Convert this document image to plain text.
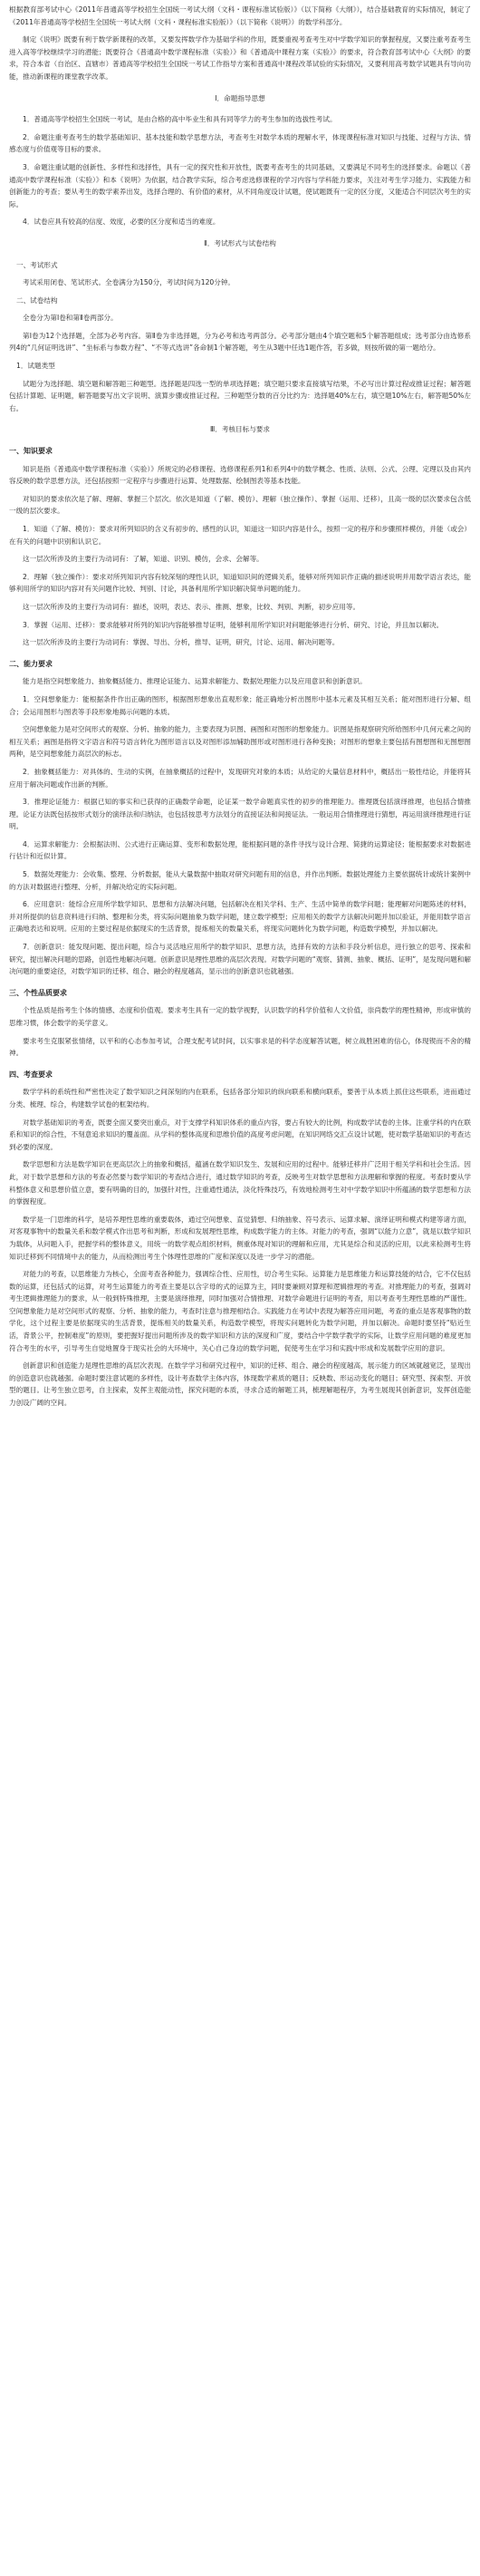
根据教育部考试中心《2011年普通高等学校招生全国统一考试大纲（文科・课程标准试验版）》（以下简称《大纲》），结合基础教育的实际情况，制定了《2011年普通高等学校招生全国统一考试大纲（文科・课程标准实验版）》（以下简称《说明》）的数学科部分。

制定《说明》既要有利于数学新课程的改革，又要发挥数学作为基础学科的作用，既要重视考查考生对中学数学知识的掌握程度，又要注重考查考生进入高等学校继续学习的潜能；既要符合《普通高中数学课程标准（实验）》和《普通高中课程方案（实验）》的要求，符合教育部考试中心《大纲》的要求，符合本省（自治区、直辖市）普通高等学校招生全国统一考试工作指导方案和普通高中课程改革试验的实际情况，又要利用高考数学试题具有导向功能，推动新课程的课堂教学改革。

Ⅰ．命题指导思想

1．普通高等学校招生全国统一考试，是由合格的高中毕业生和具有同等学力的考生参加的选拔性考试。

2．命题注重考查考生的数学基础知识、基本技能和数学思想方法，考查考生对数学本质的理解水平，体现课程标准对知识与技能、过程与方法、情感态度与价值观等目标的要求。

3．命题注重试题的创新性、多样性和选择性，具有一定的探究性和开放性，既要考查考生的共同基础，又要满足不同考生的选择要求。命题以《普通高中数学课程标准（实验）》和本《说明》为依据，结合教学实际，综合考虑选修课程的学习内容与学科能力要求，关注对考生学习能力、实践能力和创新能力的考查；要从考生的数学素养出发，选择合理的、有价值的素材，从不同角度设计试题，使试题既有一定的区分度，又能适合不同层次考生的实际。

4．试卷应具有较高的信度、效度，必要的区分度和适当的难度。

Ⅱ．考试形式与试卷结构
一、考试形式

考试采用闭卷、笔试形式。全卷满分为150分，考试时间为120分钟。

二、试卷结构

全卷分为第Ⅰ卷和第Ⅱ卷两部分。

第Ⅰ卷为12个选择题，全部为必考内容。第Ⅱ卷为非选择题，分为必考和选考两部分。必考部分题由4个填空题和5个解答题组成；选考部分由选修系列4的“几何证明选讲”、“坐标系与参数方程”、“不等式选讲”各命制1个解答题，考生从3题中任选1题作答，若多做，则按所做的第一题给分。

1．试题类型

试题分为选择题、填空题和解答题三种题型。选择题是四选一型的单项选择题；填空题只要求直接填写结果，不必写出计算过程或推证过程；解答题包括计算题、证明题，解答题要写出文字说明、演算步骤或推证过程。三种题型分数的百分比约为：选择题40%左右，填空题10%左右，解答题50%左右。

Ⅲ．考核目标与要求
一、知识要求

知识是指《普通高中数学课程标准（实验）》所规定的必修课程、选修课程系列1和系列4中的数学概念、性质、法则、公式、公理、定理以及由其内容反映的数学思想方法，还包括按照一定程序与步骤进行运算、处理数据、绘制图表等基本技能。

对知识的要求依次是了解、理解、掌握三个层次。依次是知道（了解、模仿）、理解（独立操作）、掌握（运用、迁移），且高一级的层次要求包含低一级的层次要求。

1．知道（了解、模仿）：要求对所列知识的含义有初步的、感性的认识，知道这一知识内容是什么，按照一定的程序和步骤照样模仿，并能（或会）在有关的问题中识别和认识它。

这一层次所涉及的主要行为动词有：了解，知道、识别、模仿，会求、会解等。

2．理解（独立操作）：要求对所列知识内容有较深刻的理性认识，知道知识间的逻辑关系，能够对所列知识作正确的描述说明并用数学语言表达，能够利用所学的知识内容对有关问题作比较、判别、讨论，具备利用所学知识解决简单问题的能力。

这一层次所涉及的主要行为动词有：描述，说明，表达、表示、推测、想象，比较、判别、判断，初步应用等。

3．掌握（运用、迁移）：要求能够对所列的知识内容能够推导证明，能够利用所学知识对问题能够进行分析、研究、讨论，并且加以解决。

这一层次所涉及的主要行为动词有：掌握、导出、分析，推导、证明，研究，讨论、运用、解决问题等。

二、能力要求

能力是指空间想象能力、抽象概括能力、推理论证能力、运算求解能力、数据处理能力以及应用意识和创新意识。

1．空间想象能力：能根据条件作出正确的图形，根据图形想象出直观形象；能正确地分析出图形中基本元素及其相互关系；能对图形进行分解、组合；会运用图形与图表等手段形象地揭示问题的本质。

空间想象能力是对空间形式的观察、分析、抽象的能力，主要表现为识图、画图和对图形的想象能力。识图是指观察研究所给图形中几何元素之间的相互关系；画图是指将文字语言和符号语言转化为图形语言以及对图形添加辅助图形或对图形进行各种变换；对图形的想象主要包括有图想图和无图想图两种，是空间想象能力高层次的标志。

2．抽象概括能力：对具体的、生动的实例，在抽象概括的过程中，发现研究对象的本质；从给定的大量信息材料中，概括出一般性结论，并能将其应用于解决问题或作出新的判断。

3．推理论证能力：根据已知的事实和已获得的正确数学命题，论证某一数学命题真实性的初步的推理能力。推理既包括演绎推理，也包括合情推理。论证方法既包括按形式划分的演绎法和归纳法，也包括按思考方法划分的直接证法和间接证法。一般运用合情推理进行猜想，再运用演绎推理进行证明。

4．运算求解能力：会根据法则、公式进行正确运算、变形和数据处理，能根据问题的条件寻找与设计合理、简捷的运算途径；能根据要求对数据进行估计和近似计算。

5．数据处理能力：会收集、整理、分析数据，能从大量数据中抽取对研究问题有用的信息，并作出判断。数据处理能力主要依据统计或统计案例中的方法对数据进行整理、分析，并解决给定的实际问题。

6．应用意识：能综合应用所学数学知识、思想和方法解决问题，包括解决在相关学科、生产、生活中简单的数学问题；能理解对问题陈述的材料，并对所提供的信息资料进行归纳、整理和分类，将实际问题抽象为数学问题，建立数学模型；应用相关的数学方法解决问题并加以验证，并能用数学语言正确地表达和说明。应用的主要过程是依据现实的生活背景，提炼相关的数量关系，将现实问题转化为数学问题，构造数学模型，并加以解决。

7．创新意识：能发现问题、提出问题，综合与灵活地应用所学的数学知识、思想方法，选择有效的方法和手段分析信息，进行独立的思考、探索和研究，提出解决问题的思路，创造性地解决问题。创新意识是理性思维的高层次表现。对数学问题的“观察、猜测、抽象、概括、证明”，是发现问题和解决问题的重要途径，对数学知识的迁移、组合、融会的程度越高，显示出的创新意识也就越强。

三、个性品质要求

个性品质是指考生个体的情感、态度和价值观。要求考生具有一定的数学视野，认识数学的科学价值和人文价值，崇尚数学的理性精神，形成审慎的思维习惯，体会数学的美学意义。

要求考生克服紧张情绪，以平和的心态参加考试，合理支配考试时间，以实事求是的科学态度解答试题，树立战胜困难的信心，体现锲而不舍的精神。

四、考查要求

数学学科的系统性和严密性决定了数学知识之间深刻的内在联系，包括各部分知识的纵向联系和横向联系，要善于从本质上抓住这些联系，进而通过分类、梳理、综合，构建数学试卷的框架结构。

对数学基础知识的考查，既要全面又要突出重点，对于支撑学科知识体系的重点内容，要占有较大的比例，构成数学试卷的主体。注重学科的内在联系和知识的综合性，不刻意追求知识的覆盖面。从学科的整体高度和思维价值的高度考虑问题，在知识网络交汇点设计试题，使对数学基础知识的考查达到必要的深度。

数学思想和方法是数学知识在更高层次上的抽象和概括，蕴涵在数学知识发生、发展和应用的过程中。能够迁移并广泛用于相关学科和社会生活。因此，对于数学思想和方法的考查必然要与数学知识的考查结合进行，通过数学知识的考查，反映考生对数学思想和方法理解和掌握的程度。考查时要从学科整体意义和思想价值立意，要有明确的目的，加强针对性，注重通性通法，淡化特殊技巧，有效地检测考生对中学数学知识中所蕴涵的数学思想和方法的掌握程度。

数学是一门思维的科学，是培养理性思维的重要载体，通过空间想象、直觉猜想、归纳抽象、符号表示、运算求解、演绎证明和模式构建等诸方面，对客观事物中的数量关系和数学模式作出思考和判断，形成和发展理性思维，构成数学能力的主体。对能力的考查，强调“以能力立意”，就是以数学知识为载体，从问题入手，把握学科的整体意义，用统一的数学观点组织材料，侧重体现对知识的理解和应用，尤其是综合和灵活的应用，以此来检测考生将知识迁移到不同情境中去的能力，从而检测出考生个体理性思维的广度和深度以及进一步学习的潜能。

对能力的考查，以思维能力为核心，全面考查各种能力，强调综合性、应用性，切合考生实际。运算能力是思维能力和运算技能的结合，它不仅包括数的运算，还包括式的运算，对考生运算能力的考查主要是以含字母的式的运算为主，同时要兼顾对算理和逻辑推理的考查。对推理能力的考查，强调对考生逻辑推理能力的要求，从一般到特殊推理，主要是演绎推理，同时加强对合情推理、对数学命题进行证明的考查，用以考查考生理性思维的严谨性。空间想象能力是对空间形式的观察、分析、抽象的能力，考查时注意与推理相结合。实践能力在考试中表现为解答应用问题，考查的重点是客观事物的数学化，这个过程主要是依据现实的生活背景，提炼相关的数量关系，构造数学模型，将现实问题转化为数学问题，并加以解决。命题时要坚持“贴近生活，背景公平，控制难度”的原则，要把握好提出问题所涉及的数学知识和方法的深度和广度，要结合中学数学教学的实际，让数学应用问题的难度更加符合考生的水平，引导考生自觉地置身于现实社会的大环境中，关心自己身边的数学问题，促使考生在学习和实践中形成和发展数学应用的意识。

创新意识和创造能力是理性思维的高层次表现。在数学学习和研究过程中，知识的迁移、组合、融会的程度越高，展示能力的区域就越宽泛，显现出的创造意识也就越强。命题时要注意试题的多样性，设计考查数学主体内容，体现数学素质的题目；反映数、形运动变化的题目；研究型、探索型、开放型的题目。让考生独立思考，自主探索，发挥主观能动性，探究问题的本质，寻求合适的解题工具，梳理解题程序，为考生展现其创新意识，发挥创造能力创设广阔的空间。
